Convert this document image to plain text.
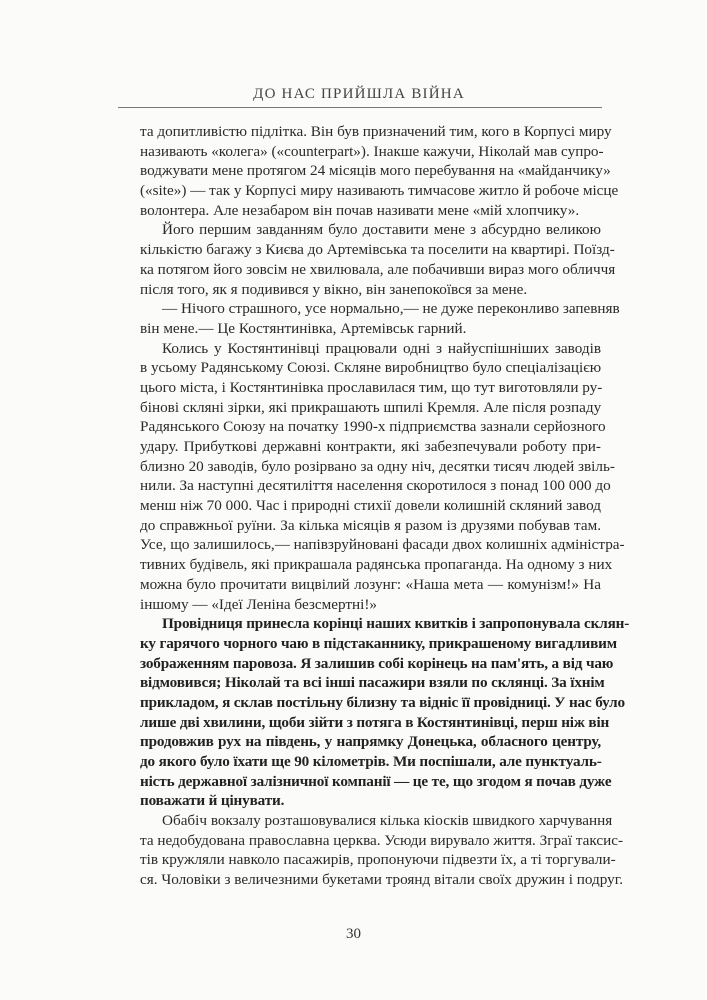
ДО НАС ПРИЙШЛА ВІЙНА
та допитливістю підлітка. Він був призначений тим, кого в Корпусі миру
називають «колега» («counterpart»). Інакше кажучи, Ніколай мав супро-
воджувати мене протягом 24 місяців мого перебування на «майданчику»
(«site») — так у Корпусі миру називають тимчасове житло й робоче місце
волонтера. Але незабаром він почав називати мене «мій хлопчику».
Його першим завданням було доставити мене з абсурдно великою
кількістю багажу з Києва до Артемівська та поселити на квартирі. Поїзд-
ка потягом його зовсім не хвилювала, але побачивши вираз мого обличчя
після того, як я подивився у вікно, він занепокоївся за мене.
— Нічого страшного, усе нормально,— не дуже переконливо запевняв
він мене.— Це Костянтинівка, Артемівськ гарний.
Колись у Костянтинівці працювали одні з найуспішніших заводів
в усьому Радянському Союзі. Скляне виробництво було спеціалізацією
цього міста, і Костянтинівка прославилася тим, що тут виготовляли ру-
бінові скляні зірки, які прикрашають шпилі Кремля. Але після розпаду
Радянського Союзу на початку 1990-х підприємства зазнали серйозного
удару. Прибуткові державні контракти, які забезпечували роботу при-
близно 20 заводів, було розірвано за одну ніч, десятки тисяч людей звіль-
нили. За наступні десятиліття населення скоротилося з понад 100 000 до
менш ніж 70 000. Час і природні стихії довели колишній скляний завод
до справжньої руїни. За кілька місяців я разом із друзями побував там.
Усе, що залишилось,— напівзруйновані фасади двох колишніх адміністра-
тивних будівель, які прикрашала радянська пропаганда. На одному з них
можна було прочитати вицвілий лозунг: «Наша мета — комунізм!» На
іншому — «Ідеї Леніна безсмертні!»
Провідниця принесла корінці наших квитків і запропонувала склян-
ку гарячого чорного чаю в підстаканнику, прикрашеному вигадливим
зображенням паровоза. Я залишив собі корінець на пам'ять, а від чаю
відмовився; Ніколай та всі інші пасажири взяли по склянці. За їхнім
прикладом, я склав постільну білизну та відніс її провідниці. У нас було
лише дві хвилини, щоби зійти з потяга в Костянтинівці, перш ніж він
продовжив рух на південь, у напрямку Донецька, обласного центру,
до якого було їхати ще 90 кілометрів. Ми поспішали, але пунктуаль-
ність державної залізничної компанії — це те, що згодом я почав дуже
поважати й цінувати.
Обабіч вокзалу розташовувалися кілька кіосків швидкого харчування
та недобудована православна церква. Усюди вирувало життя. Зграї таксис-
тів кружляли навколо пасажирів, пропонуючи підвезти їх, а ті торгували-
ся. Чоловіки з величезними букетами троянд вітали своїх дружин і подруг.
30
